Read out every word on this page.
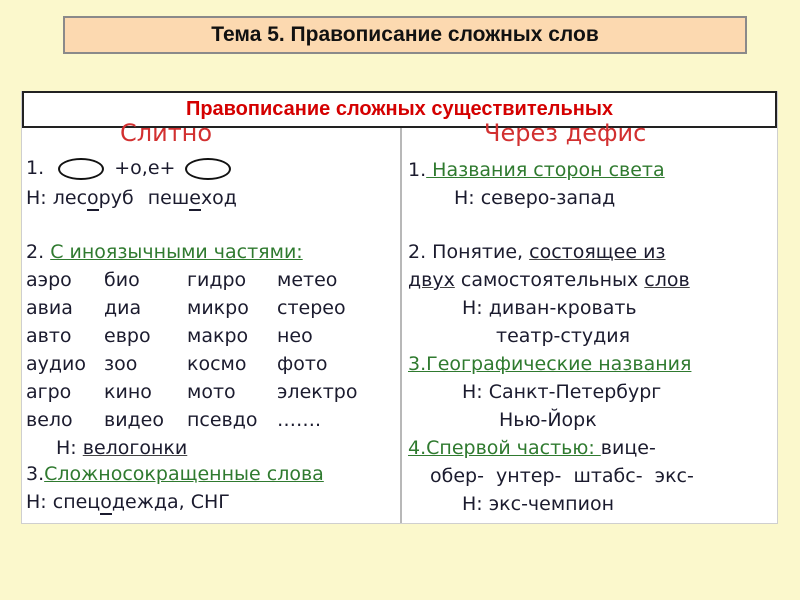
Тема 5. Правописание сложных слов
Правописание сложных существительных
Слитно
1.	+о,е+
Н: лесоруб пешеход
2. С иноязычными частями:
аэро био гидро метео
авиа диа микро стерео
авто евро макро нео
аудио зоо	космо фото
агро кино мото электро
вело видео псевдо …….
Н: велогонки
3.Сложносокращенные слова
Н: спецодежда, СНГ
Через дефис
1. Названия сторон света
Н: северо-запад
2. Понятие, состоящее из
двух самостоятельных слов
Н: диван-кровать
театр-студия
3.Географические названия
Н: Санкт-Петербург
Нью-Йорк
4.Спервой частью: вице-
обер-  унтер-  штабс-  экс-
Н: экс-чемпион
